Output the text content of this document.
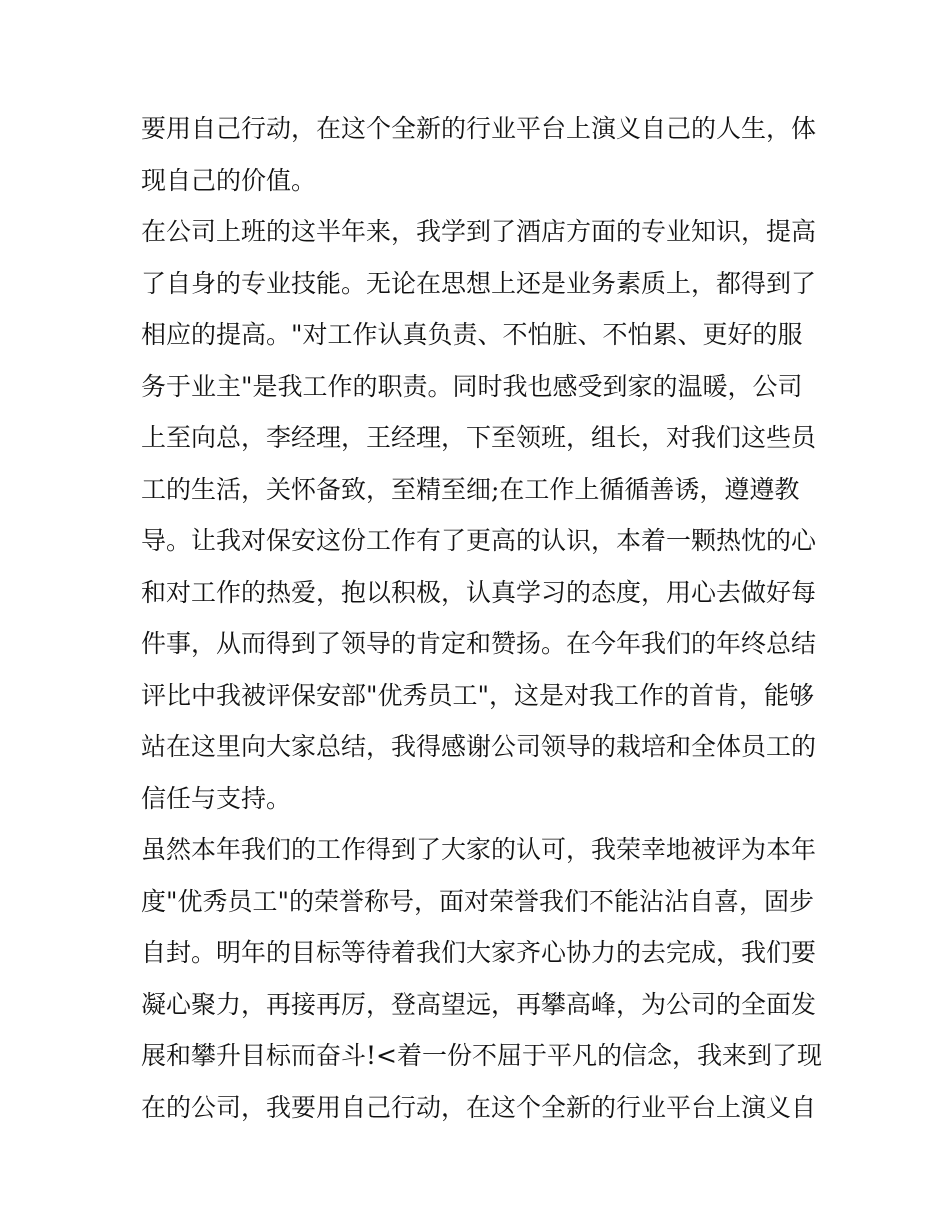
要用自己行动，在这个全新的行业平台上演义自己的人生，体
现自己的价值。
在公司上班的这半年来，我学到了酒店方面的专业知识，提高
了自身的专业技能。无论在思想上还是业务素质上，都得到了
相应的提高。"对工作认真负责、不怕脏、不怕累、更好的服
务于业主"是我工作的职责。同时我也感受到家的温暖，公司
上至向总，李经理，王经理，下至领班，组长，对我们这些员
工的生活，关怀备致，至精至细;在工作上循循善诱，遵遵教
导。让我对保安这份工作有了更高的认识，本着一颗热忱的心
和对工作的热爱，抱以积极，认真学习的态度，用心去做好每
件事，从而得到了领导的肯定和赞扬。在今年我们的年终总结
评比中我被评保安部"优秀员工"，这是对我工作的首肯，能够
站在这里向大家总结，我得感谢公司领导的栽培和全体员工的
信任与支持。
虽然本年我们的工作得到了大家的认可，我荣幸地被评为本年
度"优秀员工"的荣誉称号，面对荣誉我们不能沾沾自喜，固步
自封。明年的目标等待着我们大家齐心协力的去完成，我们要
凝心聚力，再接再厉，登高望远，再攀高峰，为公司的全面发
展和攀升目标而奋斗!<着一份不屈于平凡的信念，我来到了现
在的公司，我要用自己行动，在这个全新的行业平台上演义自
